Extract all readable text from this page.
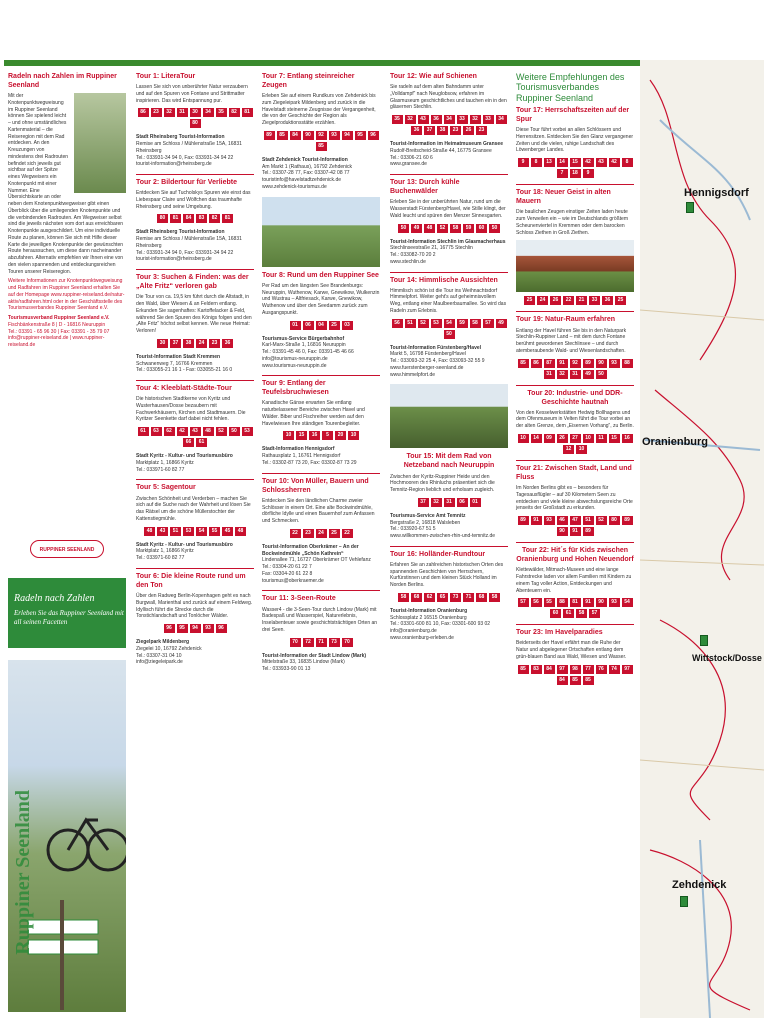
Radeln nach Zahlen im Ruppiner Seenland

Mit der Knotenpunktwegweisung im Ruppiner Seenland können Sie spielend leicht – und ohne umständliches Kartenmaterial – die Reiseregion mit dem Rad entdecken. An den Kreuzungen von mindestens drei Radrouten befindet sich jeweils gut sichtbar auf der Spitze eines Wegweisers ein Knotenpunkt mit einer Nummer. Eine Übersichtskarte an oder neben dem Knotenpunktwegweiser gibt einen Überblick über die umliegenden Knotenpunkte und die verbindenden Radrouten. Am Wegweiser selbst sind die jeweils nächsten vom dort aus erreichbaren Knotenpunkte ausgeschildert. Um eine individuelle Route zu planen, können Sie sich mit Hilfe dieser Karte die jeweiligen Knotenpunkte der gewünschten Route heraussuchen, um diese dann nacheinander abzufahren. Alternativ empfehlen wir Ihnen eine von den vielen spannenden und entdeckungsreichen Touren unserer Reiseregion.

Weitere Informationen zur Knotenpunktwegweisung und Radfahren im Ruppiner Seenland erhalten Sie auf der Homepage www.ruppiner-reiseland.de/natur-aktiv/radfahren.html oder in der Geschäftsstelle des Tourismusverbandes Ruppiner Seenland e.V.

Tourismusverband Ruppiner Seenland e.V.

Fischbänkenstraße 8 | D - 16816 Neuruppin

Tel.: 03391 - 65 96 30 | Fax: 03391 - 35 79 07

info@ruppiner-reiseland.de | www.ruppiner-reiseland.de

RUPPINER SEENLAND
Radeln nach Zahlen
Erleben Sie das Ruppiner Seenland mit all seinen Facetten
Ruppiner Seenland
Tour 1: LiteraTour

Lassen Sie sich von unberührter Natur verzaubern und auf den Spuren von Fontane und Strittmatter inspirieren. Das wird Entspannung pur.

86	23	32	31	30	34	35	82	81
80

Stadt Rheinsberg Tourist-Information

Remise am Schloss / Mühlenstraße 15A, 16831 Rheinsberg

Tel.: 033931-34 94 0, Fax: 033931-34 94 22

tourist-information@rheinsberg.de

Tour 2: Bildertour für Verliebte

Entdecken Sie auf Tucholskys Spuren wie einst das Liebespaar Claire und Wölfchen das traumhafte Rheinsberg und seine Umgebung.

80	81	84	83	82	81

Stadt Rheinsberg Tourist-Information

Remise am Schloss / Mühlenstraße 15A, 16831 Rheinsberg

Tel.: 033931-34 94 0, Fax: 033931-34 94 22

tourist-information@rheinsberg.de

Tour 3: Suchen & Finden: was der „Alte Fritz“ verloren gab

Die Tour von ca. 19,5 km führt durch die Altstadt, in den Wald, über Wiesen & an Feldern entlang. Erkunden Sie sagenhaftes: Kartoffelacker & Feld, während Sie den Spuren des Königs folgen und den „Alte Fritz“ höchst selbst kennen. Wie neue Heimat: Verloren!

30	37	38	24	23	36

Tourist-Information Stadt Kremmen

Schwanenweg 7, 16766 Kremmen

Tel.: 033055-21 16 1 - Fax: 033055-21 16 0

Tour 4: Kleeblatt-Städte-Tour

Die historischen Stadtkerne von Kyritz und Wusterhausen/Dosse bezaubern mit Fachwerkhäusern, Kirchen und Stadtmauern. Die Kyritzer Seenkette darf dabei nicht fehlen.

61	63	62	42	43	48	52	50	53
66	61

Stadt Kyritz - Kultur- und Tourismusbüro

Marktplatz 1, 16866 Kyritz

Tel.: 033971-60 82 77

Tour 5: Sagentour

Zwischen Schönheit und Verderben – machen Sie sich auf die Suche nach der Wahrheit und lösen Sie das Rätsel um die schöne Müllerstochter der Kattenstiegmühle.

48	43	51	53	54	55	45	48

Stadt Kyritz - Kultur- und Tourismusbüro

Marktplatz 1, 16866 Kyritz

Tel.: 033971-60 82 77

Tour 6: Die kleine Route rund um den Ton

Über den Radweg Berlin-Kopenhagen geht es nach Burgwall, Marienthal und zurück auf einem Feldweg. Idyllisch führt die Strecke durch die Tonstichlandschaft und Tonlöcher Wälder.

96	95	94	93	96

Ziegelpark Mildenberg

Ziegelei 10, 16792 Zehdenick

Tel.: 03307-31 04 10

info@ziegeleipark.de

Tour 7: Entlang steinreicher Zeugen

Erleben Sie auf einem Rundkurs von Zehdenick bis zum Ziegeleipark Mildenberg und zurück in die Havelstadt steinerne Zeugnisse der Vergangenheit, die von der Geschichte der Region als Ziegelproduktionsstätte erzählen.

89	85	84	90	92	93	94	95	96
85

Stadt Zehdenick Tourist-Information

Am Markt 1 (Rathaus), 16792 Zehdenick

Tel.: 03307-28 77, Fax: 03307-42 08 77

touristinfo@havelstadtzehdenick.de

www.zehdenick-tourismus.de

Tour 8: Rund um den Ruppiner See

Per Rad um den längsten See Brandenburgs: Neuruppin, Wuthenow, Karwe, Gnewikow, Wulkenzin und Wustrau – Altfriesack, Karwe, Gnewikow, Wuthenow und über den Seedamm zurück zum Ausgangspunkt.

01	06	04	25	03

Tourismus-Service Bürgerbahnhof

Karl-Marx-Straße 1, 16816 Neuruppin

Tel.: 03391-45 46 0, Fax: 03391-45 46 66

info@tourismus-neuruppin.de

www.tourismus-neuruppin.de

Tour 9: Entlang der Teufelsbruchwiesen

Kanadische Gänse erwarten Sie entlang naturbelassener Bereiche zwischen Havel und Wälder. Biber und Fischreiher werden auf den Havelwiesen Ihre ständigen Tourenbegleiter.

10	15	16	5	20	10

Stadt-Information Hennigsdorf

Rathausplatz 1, 16761 Hennigsdorf

Tel.: 03302-87 73 20, Fax: 03302-87 73 29

Tour 10: Von Müller, Bauern und Schlossherren

Entdecken Sie den ländlichen Charme zweier Schlösser in einem Ort. Eine alte Bockwindmühle, dörfliche Idylle und einen Bauernhof zum Anfassen und Schmecken.

22	23	24	25	22

Tourist-Information Oberkrämer – An der Bockwindmühle „Schön Kathrein“

Lindenallee 71, 16727 Oberkrämer OT Vehlefanz

Tel.: 03304-20 61 22 7

Fax: 03304-20 61 22 8

tourismus@oberkraemer.de

Tour 11: 3-Seen-Route

Wasser4 - die 3-Seen-Tour durch Lindow (Mark) mit Badespaß und Wasserspiel, Naturerlebnis, Inselabenteuer sowie geschichtsträchtigen Orten an drei Seen.

70	72	71	73	70

Tourist-Information der Stadt Lindow (Mark)

Mittelstraße 33, 16835 Lindow (Mark)

Tel.: 033933-90 01 13

Tour 12: Wie auf Schienen

Sie radeln auf dem alten Bahndamm unter „Volldampf“ nach Neuglobsow, erfahren im Glasmuseum geschichtliches und tauchen ein in den gläsernen Stechlin.

35	32	43	36	34	33	32	33	34
36	37	38	23	26	23

Tourist-Information im Heimatmuseum Gransee

Rudolf-Breitscheid-Straße 44, 16775 Gransee

Tel.: 03306-21 60 6

www.gransee.de

Tour 13: Durch kühle Buchenwälder

Erleben Sie in der unberührten Natur, rund um die Wasserstadt Fürstenberg/Havel, wie Stille klingt, der Wald leucht und spüren den Menzer Sinnesgarten.

50	49	48	52	58	59	60	50

Tourist-Information Stechlin im Glasmacherhaus

Stechlinseestraße 21, 16775 Stechlin

Tel.: 033082-70 20 2

www.stechlin.de

Tour 14: Himmlische Aussichten

Himmlisch schön ist die Tour ins Weihnachtsdorf Himmelpfort. Weiter geht's auf geheimnisvollem Weg, entlang einer Maulbeerbaumallee. So wird das Radeln zum Erlebnis.

56	51	52	53	54	59	58	57	49
50

Tourist-Information Fürstenberg/Havel

Markt 5, 16798 Fürstenberg/Havel

Tel.: 033093-32 25 4, Fax: 033093-32 55 9

www.fuerstenberger-seenland.de

www.himmelpfort.de

Tour 15: Mit dem Rad von Netzeband nach Neuruppin

Zwischen der Kyritz-Ruppiner Heide und den Hochmooren des Rhinluchs präsentiert sich die Temnitz-Region lieblich und erholsam zugleich.

37	32	31	06	01

Tourismus-Service Amt Temnitz

Bergstraße 2, 16818 Walsleben

Tel.: 033920-67 51 5

www.willkommen-zwischen-rhin-und-temnitz.de

Tour 16: Holländer-Rundtour

Erfahren Sie an zahlreichen historischen Orten des spannenden Geschichten von Herrschern, Kurfürstinnen und dem kleinen Stück Holland im Norden Berlins.

58	68	62	65	73	71	68	58

Tourist-Information Oranienburg

Schlossplatz 2 16515 Oranienburg

Tel.: 03301-600 81 10, Fax: 03301-600 93 02

info@oranienburg.de

www.oranienburg-erleben.de

Weitere Empfehlungen des Tourismusverbandes Ruppiner Seenland
Tour 17: Herrschaftszeiten auf der Spur

Diese Tour führt vorbei an allen Schlössern und Herrensitzen. Entdecken Sie den Glanz vergangener Zeiten und die vielen, ruhige Landschaft des Löwenberger Landes.

9	8	13	14	15	42	43	42	8
7	18	9
Tour 18: Neuer Geist in alten Mauern

Die baulichen Zeugen einstiger Zeiten laden heute zum Verweilen ein – wie im Deutschlands größtem Scheunenviertel in Kremmen oder dem barocken Schloss Ziethen in Groß Ziethen.

25	24	26	22	21	33	36	25
Tour 19: Natur-Raum erfahren

Entlang der Havel führen Sie bis in den Naturpark Stechlin-Ruppiner Land – mit dem durch Fontane berühmt gewordenen Stechlinsee – und durch atemberaubende Wald- und Wiesenlandschaften.

85	86	87	91	92	89	90	93	88
31	32	31	49	50
Tour 20: Industrie- und DDR-Geschichte hautnah

Von den Kesselwerkstätten Hedwig Bollhagens und dem Ofenmuseum in Velten führt die Tour vorbei an der alten Grenze, dem „Eisernen Vorhang“, zu Berlin.

10	14	09	26	27	10	11	15	16
12	10
Tour 21: Zwischen Stadt, Land und Fluss

Im Norden Berlins gibt es – besonders für Tagesausflügler – auf 30 Kilometern Seen zu entdecken und viele kleine abwechslungsreiche Orte jenseits der Großstadt zu erkunden.

89	91	93	46	47	51	52	80	89
90	91	89
Tour 22: Hit´s für Kids zwischen Oranienburg und Hohen Neuendorf

Klettewälder, Mitmach-Museen und eine lange Fahrstrecke laden vor allem Familien mit Kindern zu einem Tag voller Action, Entdeckungen und Abenteuern ein.

57	56	55	88	81	91	90	93	54
60	61	58	57
Tour 23: Im Havelparadies

Beiderseits der Havel erfährt man die Ruhe der Natur und abgelegener Ortschaften entlang dem grün-blauen Band aus Wald, Wiesen und Wasser.

85	83	84	97	98	77	76	74	97
84	85	85
Hennigsdorf
Oranienburg
Wittstock/Dosse
Zehdenick
